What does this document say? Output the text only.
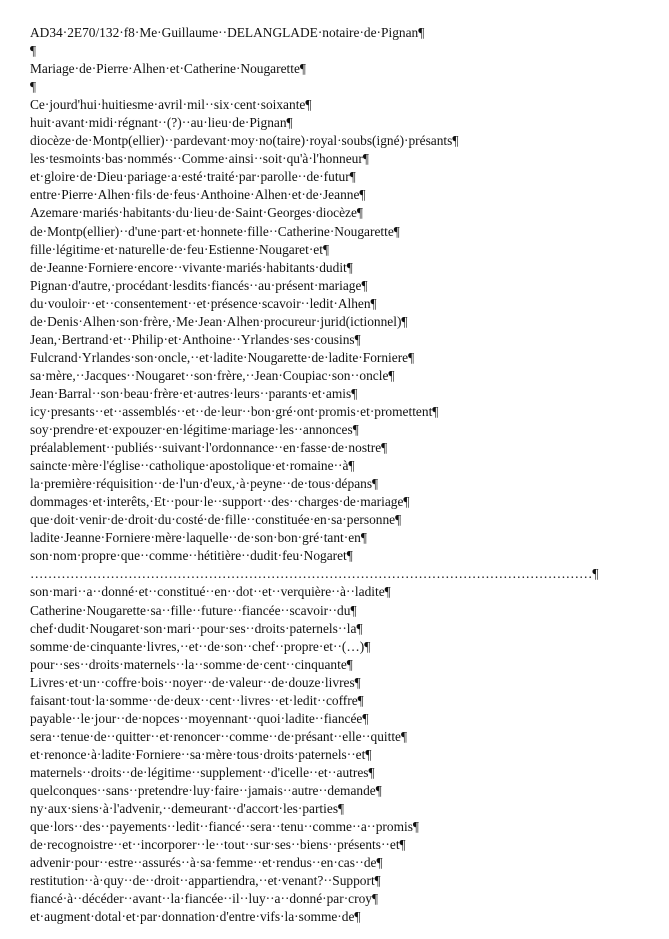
AD34·2E70/132·f8·Me·Guillaume··DELANGLADE·notaire·de·Pignan¶
¶
Mariage·de·Pierre·Alhen·et·Catherine·Nougarette¶
¶
Ce·jourd'hui·huitiesme·avril·mil··six·cent·soixante¶
huit·avant·midi·régnant··(?)··au·lieu·de·Pignan¶
diocèze·de·Montp(ellier)··pardevant·moy·no(taire)·royal·soubs(igné)·présants¶
les·tesmoints·bas·nommés··Comme·ainsi··soit·qu'à·l'honneur¶
et·gloire·de·Dieu·pariage·a·esté·traité·par·parolle··de·futur¶
entre·Pierre·Alhen·fils·de·feus·Anthoine·Alhen·et·de·Jeanne¶
Azemare·mariés·habitants·du·lieu·de·Saint·Georges·diocèze¶
de·Montp(ellier)··d'une·part·et·honnete·fille··Catherine·Nougarette¶
fille·légitime·et·naturelle·de·feu·Estienne·Nougaret·et¶
de·Jeanne·Forniere·encore··vivante·mariés·habitants·dudit¶
Pignan·d'autre,·procédant·lesdits·fiancés··au·présent·mariage¶
du·vouloir··et··consentement··et·présence·scavoir··ledit·Alhen¶
de·Denis·Alhen·son·frère,·Me·Jean·Alhen·procureur·jurid(ictionnel)¶
Jean,·Bertrand·et··Philip·et·Anthoine··Yrlandes·ses·cousins¶
Fulcrand·Yrlandes·son·oncle,··et·ladite·Nougarette·de·ladite·Forniere¶
sa·mère,··Jacques··Nougaret··son·frère,··Jean·Coupiac·son··oncle¶
Jean·Barral··son·beau·frère·et·autres·leurs··parants·et·amis¶
icy·presants··et··assemblés··et··de·leur··bon·gré·ont·promis·et·promettent¶
soy·prendre·et·expouzer·en·légitime·mariage·les··annonces¶
préalablement··publiés··suivant·l'ordonnance··en·fasse·de·nostre¶
saincte·mère·l'église··catholique·apostolique·et·romaine··à¶
la·première·réquisition··de·l'un·d'eux,·à·peyne··de·tous·dépans¶
dommages·et·interêts,·Et··pour·le··support··des··charges·de·mariage¶
que·doit·venir·de·droit·du·costé·de·fille··constituée·en·sa·personne¶
ladite·Jeanne·Forniere·mère·laquelle··de·son·bon·gré·tant·en¶
son·nom·propre·que··comme··hétitière··dudit·feu·Nogaret¶
………………………………………………………………………………………………………………¶
son·mari··a··donné·et··constitué··en··dot··et··verquière··à··ladite¶
Catherine·Nougarette·sa··fille··future··fiancée··scavoir··du¶
chef·dudit·Nougaret·son·mari··pour·ses··droits·paternels··la¶
somme·de·cinquante·livres,··et··de·son··chef··propre·et··(…)¶
pour··ses··droits·maternels··la··somme·de·cent··cinquante¶
Livres·et·un··coffre·bois··noyer··de·valeur··de·douze·livres¶
faisant·tout·la·somme··de·deux··cent··livres··et·ledit··coffre¶
payable··le·jour··de·nopces··moyennant··quoi·ladite··fiancée¶
sera··tenue·de··quitter··et·renoncer··comme··de·présant··elle··quitte¶
et·renonce·à·ladite·Forniere··sa·mère·tous·droits·paternels··et¶
maternels··droits··de·légitime··supplement··d'icelle··et··autres¶
quelconques··sans··pretendre·luy·faire··jamais··autre··demande¶
ny·aux·siens·à·l'advenir,··demeurant··d'accort·les·parties¶
que·lors··des··payements··ledit··fiancé··sera··tenu··comme··a··promis¶
de·recognoistre··et··incorporer··le··tout··sur·ses··biens··présents··et¶
advenir·pour··estre··assurés··à·sa·femme··et·rendus··en·cas··de¶
restitution··à·quy··de··droit··appartiendra,··et·venant?··Support¶
fiancé·à··décéder··avant··la·fiancée··il··luy··a··donné·par·croy¶
et·augment·dotal·et·par·donnation·d'entre·vifs·la·somme·de¶
